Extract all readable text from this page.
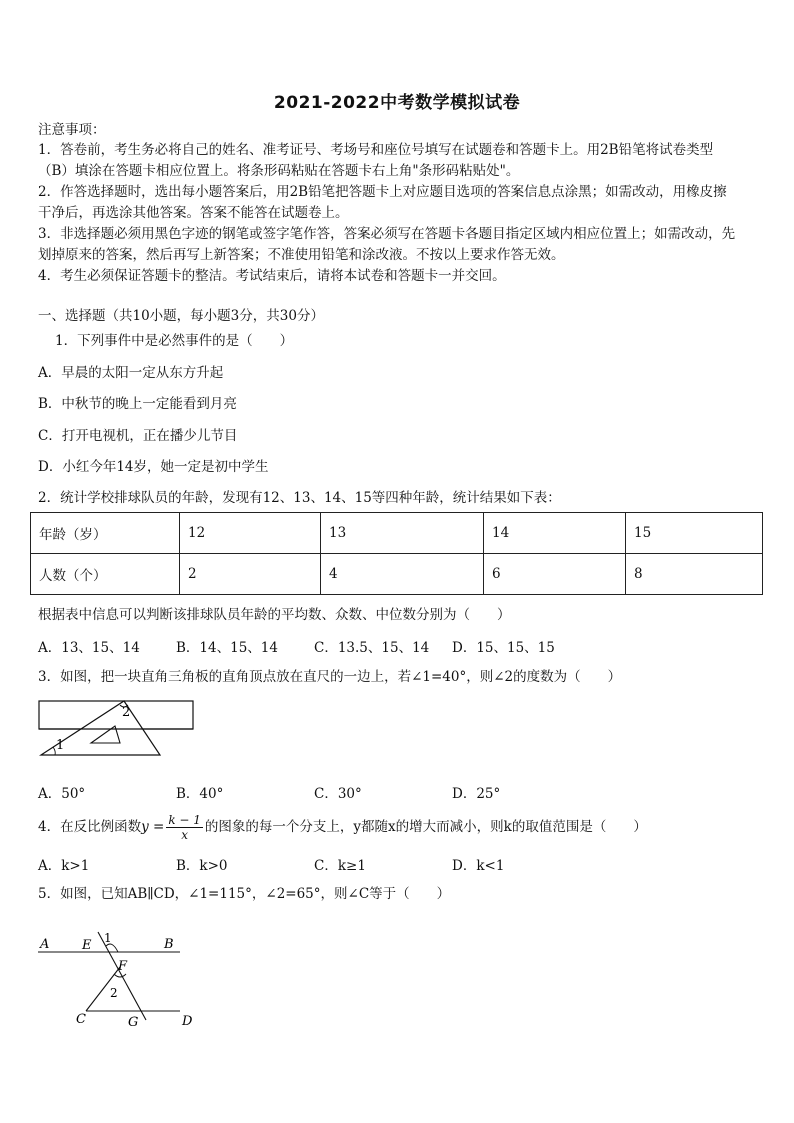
2021-2022中考数学模拟试卷
注意事项：
1．答卷前，考生务必将自己的姓名、准考证号、考场号和座位号填写在试题卷和答题卡上。用2B铅笔将试卷类型
（B）填涂在答题卡相应位置上。将条形码粘贴在答题卡右上角"条形码粘贴处"。
2．作答选择题时，选出每小题答案后，用2B铅笔把答题卡上对应题目选项的答案信息点涂黑；如需改动，用橡皮擦
干净后，再选涂其他答案。答案不能答在试题卷上。
3．非选择题必须用黑色字迹的钢笔或签字笔作答，答案必须写在答题卡各题目指定区域内相应位置上；如需改动，先
划掉原来的答案，然后再写上新答案；不准使用铅笔和涂改液。不按以上要求作答无效。
4．考生必须保证答题卡的整洁。考试结束后，请将本试卷和答题卡一并交回。
一、选择题（共10小题，每小题3分，共30分）
1．下列事件中是必然事件的是（　　）
A．早晨的太阳一定从东方升起
B．中秋节的晚上一定能看到月亮
C．打开电视机，正在播少儿节目
D．小红今年14岁，她一定是初中学生
2．统计学校排球队员的年龄，发现有12、13、14、15等四种年龄，统计结果如下表：
年龄（岁）	12	13	14	15
人数（个）	2	4	6	8
根据表中信息可以判断该排球队员年龄的平均数、众数、中位数分别为（　　）
A．13、15、14	B．14、15、14	C．13.5、15、14 D．15、15、15
3．如图，把一块直角三角板的直角顶点放在直尺的一边上，若∠1=40°，则∠2的度数为（　　）
1
2
A．50°	B．40°	C．30°	D．25°
4．在反比例函数$y = \frac{k - 1}{x}$ 的图象的每一个分支上，y都随x的增大而减小，则k的取值范围是（　　）
A．k>1	B．k>0	C．k≥1	D．k<1
5．如图，已知AB∥CD，∠1=115°，∠2=65°，则∠C等于（　　）
A	E 1	B
F
2
C	G	D
